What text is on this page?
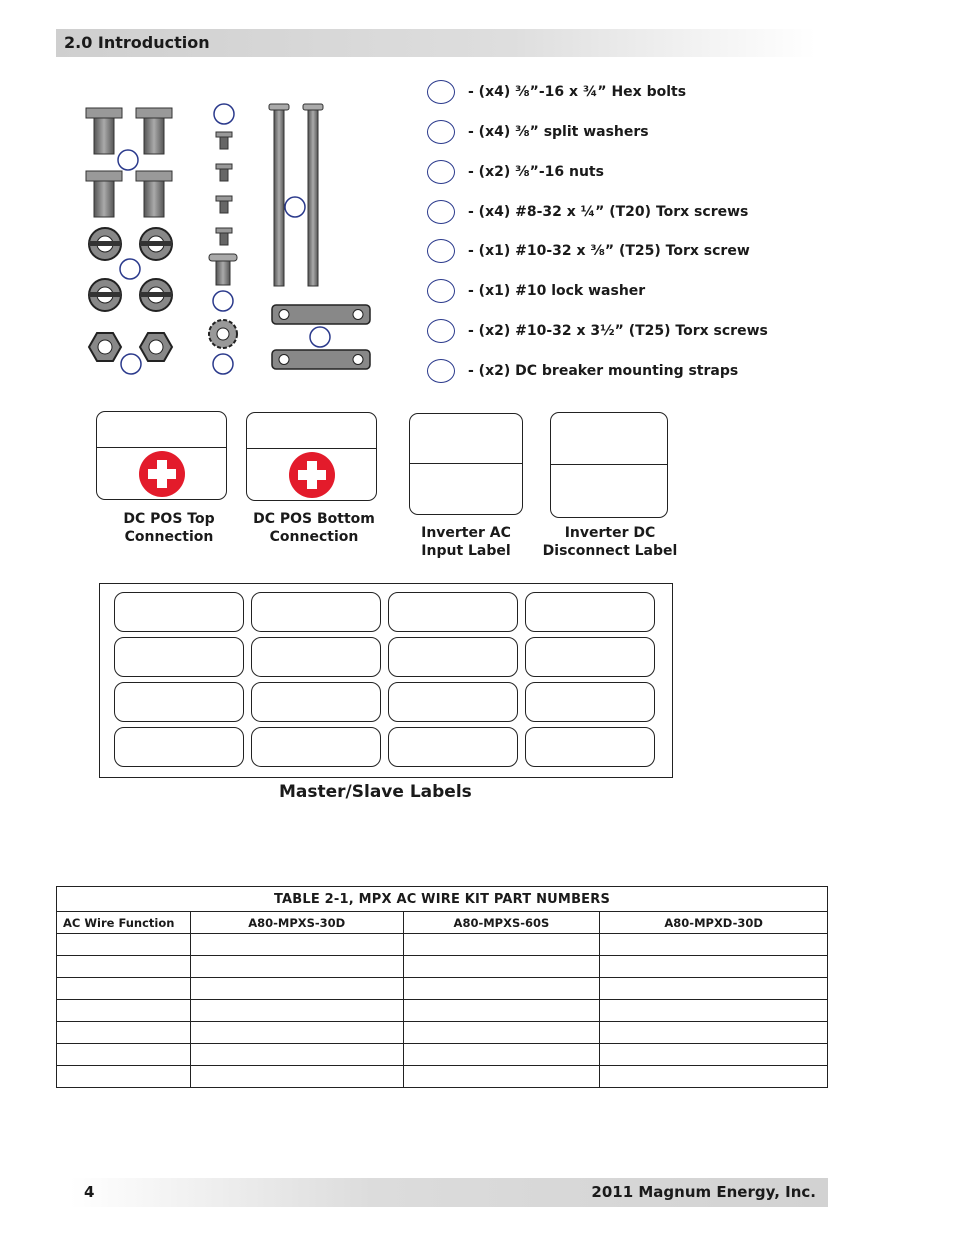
2.0 Introduction
- (x4) ⅜”-16 x ¾” Hex bolts
- (x4) ⅜” split washers
- (x2) ⅜”-16 nuts
- (x4) #8-32 x ¼” (T20) Torx screws
- (x1) #10-32 x ⅜” (T25) Torx screw
- (x1) #10 lock washer
- (x2) #10-32 x 3½” (T25) Torx screws
- (x2) DC breaker mounting straps
DC POS Top
Connection
DC POS Bottom
Connection	Inverter AC
Input Label
Inverter DC
Disconnect Label
Master/Slave Labels
TABLE 2-1, MPX AC WIRE KIT PART NUMBERS			
AC Wire Function	A80-MPXS-30D	A80-MPXS-60S	A80-MPXD-30D

4	2011 Magnum Energy, Inc.
